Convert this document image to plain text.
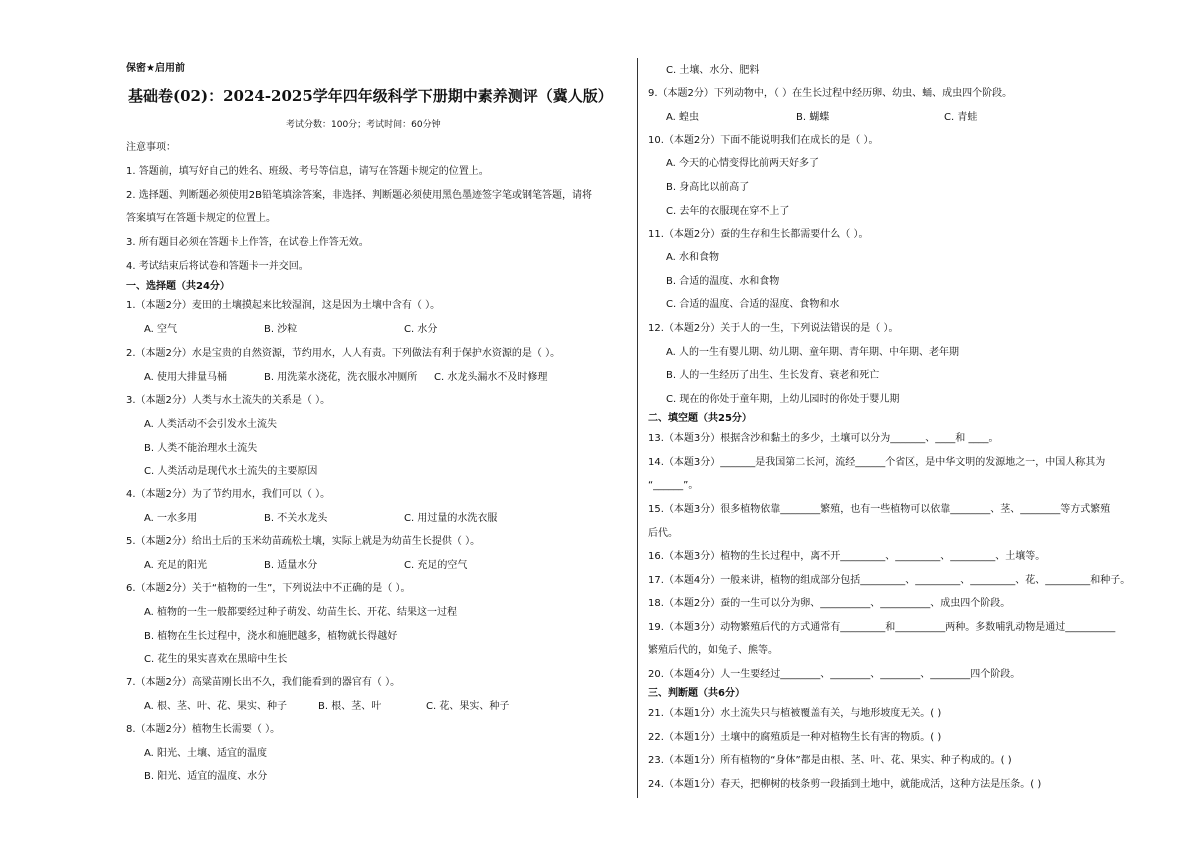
保密★启用前
基础卷(02)：2024-2025学年四年级科学下册期中素养测评（冀人版）
考试分数：100分；考试时间：60分钟
注意事项：
1. 答题前，填写好自己的姓名、班级、考号等信息，请写在答题卡规定的位置上。
2. 选择题、判断题必须使用2B铅笔填涂答案，非选择、判断题必须使用黑色墨迹签字笔或钢笔答题，请将
答案填写在答题卡规定的位置上。
3. 所有题目必须在答题卡上作答，在试卷上作答无效。
4. 考试结束后将试卷和答题卡一并交回。
一、选择题（共24分）
1.（本题2分）麦田的土壤摸起来比较湿润，这是因为土壤中含有（ ）。
A. 空气	B. 沙粒	C. 水分
2.（本题2分）水是宝贵的自然资源，节约用水，人人有责。下列做法有利于保护水资源的是（ ）。
A. 使用大排量马桶	B. 用洗菜水浇花，洗衣服水冲厕所 C. 水龙头漏水不及时修理
3.（本题2分）人类与水土流失的关系是（ ）。
A. 人类活动不会引发水土流失
B. 人类不能治理水土流失
C. 人类活动是现代水土流失的主要原因
4.（本题2分）为了节约用水，我们可以（ ）。
A. 一水多用	B. 不关水龙头	C. 用过量的水洗衣服
5.（本题2分）给出土后的玉米幼苗疏松土壤，实际上就是为幼苗生长提供（ ）。
A. 充足的阳光	B. 适量水分	C. 充足的空气
6.（本题2分）关于“植物的一生”，下列说法中不正确的是（ ）。
A. 植物的一生一般都要经过种子萌发、幼苗生长、开花、结果这一过程
B. 植物在生长过程中，浇水和施肥越多，植物就长得越好
C. 花生的果实喜欢在黑暗中生长
7.（本题2分）高粱苗刚长出不久，我们能看到的器官有（ ）。
A. 根、茎、叶、花、果实、种子	B. 根、茎、叶	C. 花、果实、种子
8.（本题2分）植物生长需要（ ）。
A. 阳光、土壤、适宜的温度
B. 阳光、适宜的温度、水分
C. 土壤、水分、肥料
9.（本题2分）下列动物中，（ ）在生长过程中经历卵、幼虫、蛹、成虫四个阶段。
A. 蝗虫	B. 蝴蝶	C. 青蛙
10.（本题2分）下面不能说明我们在成长的是（ ）。
A. 今天的心情变得比前两天好多了
B. 身高比以前高了
C. 去年的衣服现在穿不上了
11.（本题2分）蚕的生存和生长都需要什么（ ）。
A. 水和食物
B. 合适的温度、水和食物
C. 合适的温度、合适的湿度、食物和水
12.（本题2分）关于人的一生，下列说法错误的是（ ）。
A. 人的一生有婴儿期、幼儿期、童年期、青年期、中年期、老年期
B. 人的一生经历了出生、生长发育、衰老和死亡
C. 现在的你处于童年期，上幼儿园时的你处于婴儿期
二、填空题（共25分）
13.（本题3分）根据含沙和黏土的多少，土壤可以分为_______、____和 ____。
14.（本题3分）_______是我国第二长河，流经______个省区，是中华文明的发源地之一，中国人称其为
“______”。
15.（本题3分）很多植物依靠________繁殖，也有一些植物可以依靠________、茎、________等方式繁殖
后代。
16.（本题3分）植物的生长过程中，离不开_________、_________、_________、土壤等。
17.（本题4分）一般来讲，植物的组成部分包括_________、_________、_________、花、_________和种子。
18.（本题2分）蚕的一生可以分为卵、__________、__________、成虫四个阶段。
19.（本题3分）动物繁殖后代的方式通常有_________和__________两种。多数哺乳动物是通过__________
繁殖后代的，如兔子、熊等。
20.（本题4分）人一生要经过________、________、________、________四个阶段。
三、判断题（共6分）
21.（本题1分）水土流失只与植被覆盖有关，与地形坡度无关。( )
22.（本题1分）土壤中的腐殖质是一种对植物生长有害的物质。( )
23.（本题1分）所有植物的“身体”都是由根、茎、叶、花、果实、种子构成的。( )
24.（本题1分）春天，把柳树的枝条剪一段插到土地中，就能成活，这种方法是压条。( )
